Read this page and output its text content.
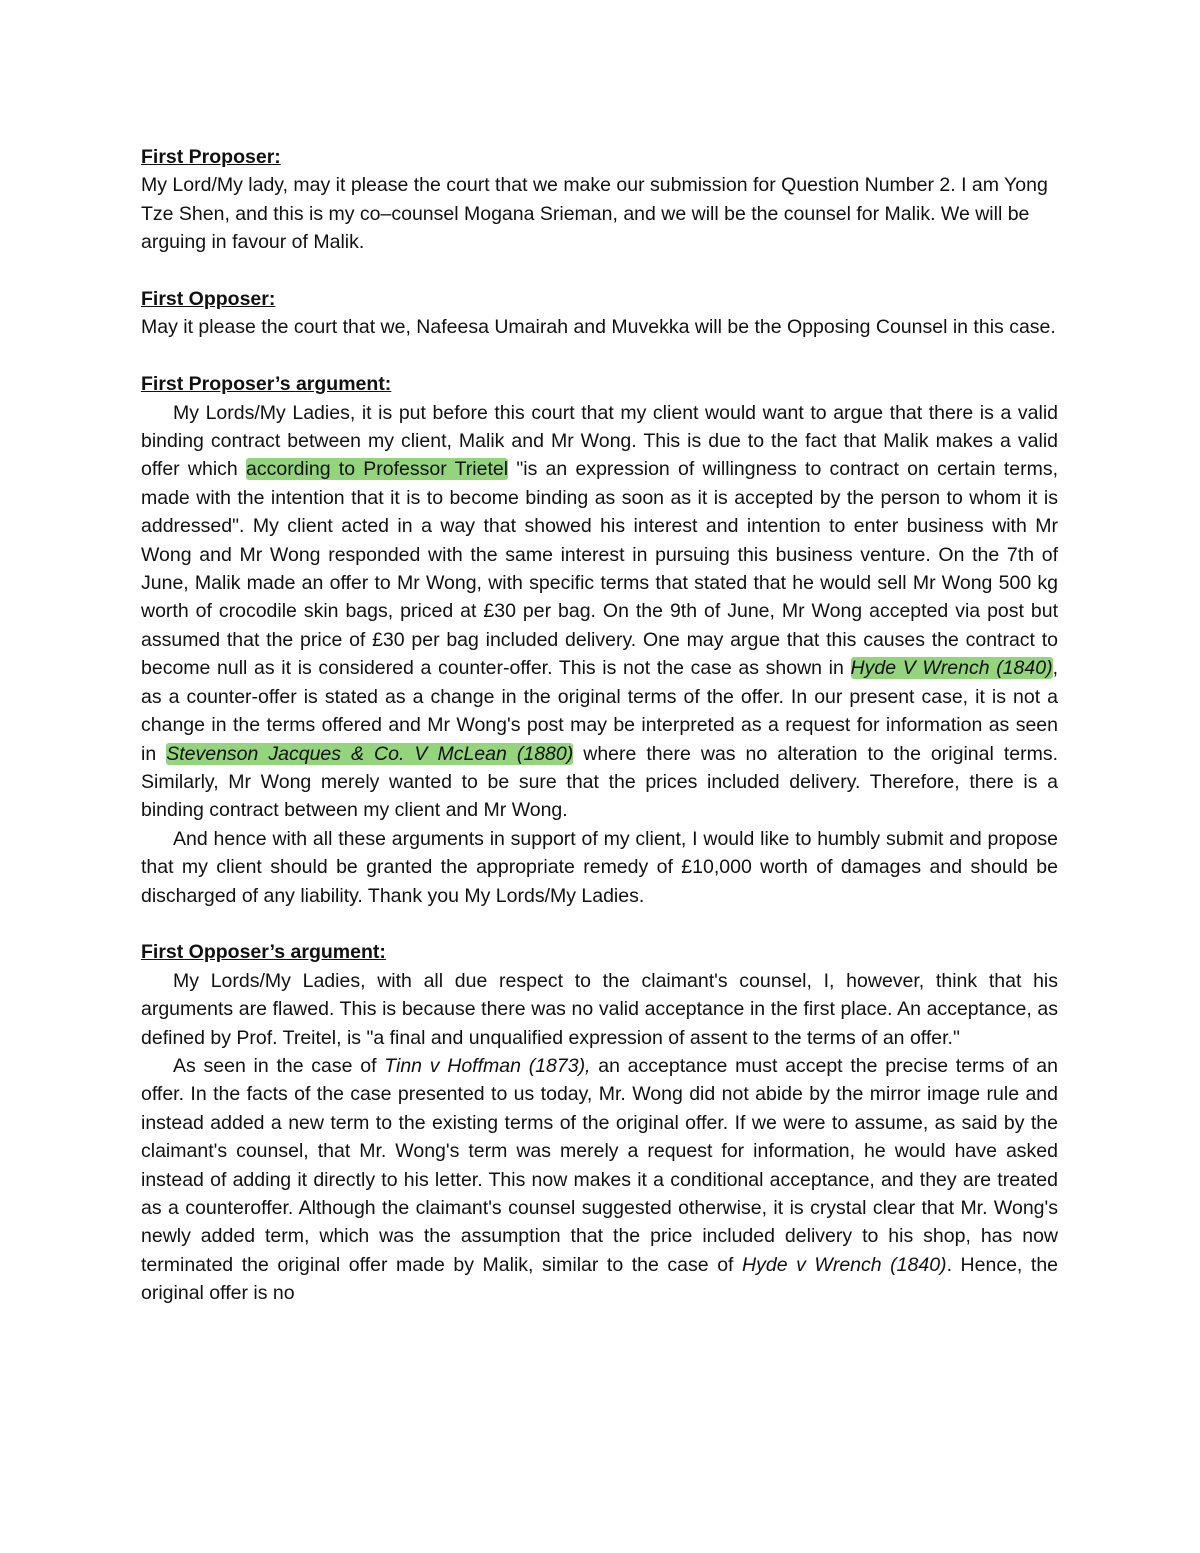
First Proposer:

My Lord/My lady, may it please the court that we make our submission for Question Number 2. I am Yong Tze Shen, and this is my co–counsel Mogana Srieman, and we will be the counsel for Malik. We will be arguing in favour of Malik.

First Opposer:

May it please the court that we, Nafeesa Umairah and Muvekka will be the Opposing Counsel in this case.

First Proposer’s argument:

My Lords/My Ladies, it is put before this court that my client would want to argue that there is a valid binding contract between my client, Malik and Mr Wong. This is due to the fact that Malik makes a valid offer which according to Professor Trietel "is an expression of willingness to contract on certain terms, made with the intention that it is to become binding as soon as it is accepted by the person to whom it is addressed". My client acted in a way that showed his interest and intention to enter business with Mr Wong and Mr Wong responded with the same interest in pursuing this business venture. On the 7th of June, Malik made an offer to Mr Wong, with specific terms that stated that he would sell Mr Wong 500 kg worth of crocodile skin bags, priced at £30 per bag. On the 9th of June, Mr Wong accepted via post but assumed that the price of £30 per bag included delivery. One may argue that this causes the contract to become null as it is considered a counter-offer. This is not the case as shown in Hyde V Wrench (1840), as a counter-offer is stated as a change in the original terms of the offer. In our present case, it is not a change in the terms offered and Mr Wong's post may be interpreted as a request for information as seen in Stevenson Jacques & Co. V McLean (1880) where there was no alteration to the original terms. Similarly, Mr Wong merely wanted to be sure that the prices included delivery. Therefore, there is a binding contract between my client and Mr Wong.

And hence with all these arguments in support of my client, I would like to humbly submit and propose that my client should be granted the appropriate remedy of £10,000 worth of damages and should be discharged of any liability. Thank you My Lords/My Ladies.

First Opposer’s argument:

My Lords/My Ladies, with all due respect to the claimant's counsel, I, however, think that his arguments are flawed. This is because there was no valid acceptance in the first place. An acceptance, as defined by Prof. Treitel, is "a final and unqualified expression of assent to the terms of an offer."

As seen in the case of Tinn v Hoffman (1873), an acceptance must accept the precise terms of an offer. In the facts of the case presented to us today, Mr. Wong did not abide by the mirror image rule and instead added a new term to the existing terms of the original offer. If we were to assume, as said by the claimant's counsel, that Mr. Wong's term was merely a request for information, he would have asked instead of adding it directly to his letter. This now makes it a conditional acceptance, and they are treated as a counteroffer. Although the claimant's counsel suggested otherwise, it is crystal clear that Mr. Wong's newly added term, which was the assumption that the price included delivery to his shop, has now terminated the original offer made by Malik, similar to the case of Hyde v Wrench (1840). Hence, the original offer is no
